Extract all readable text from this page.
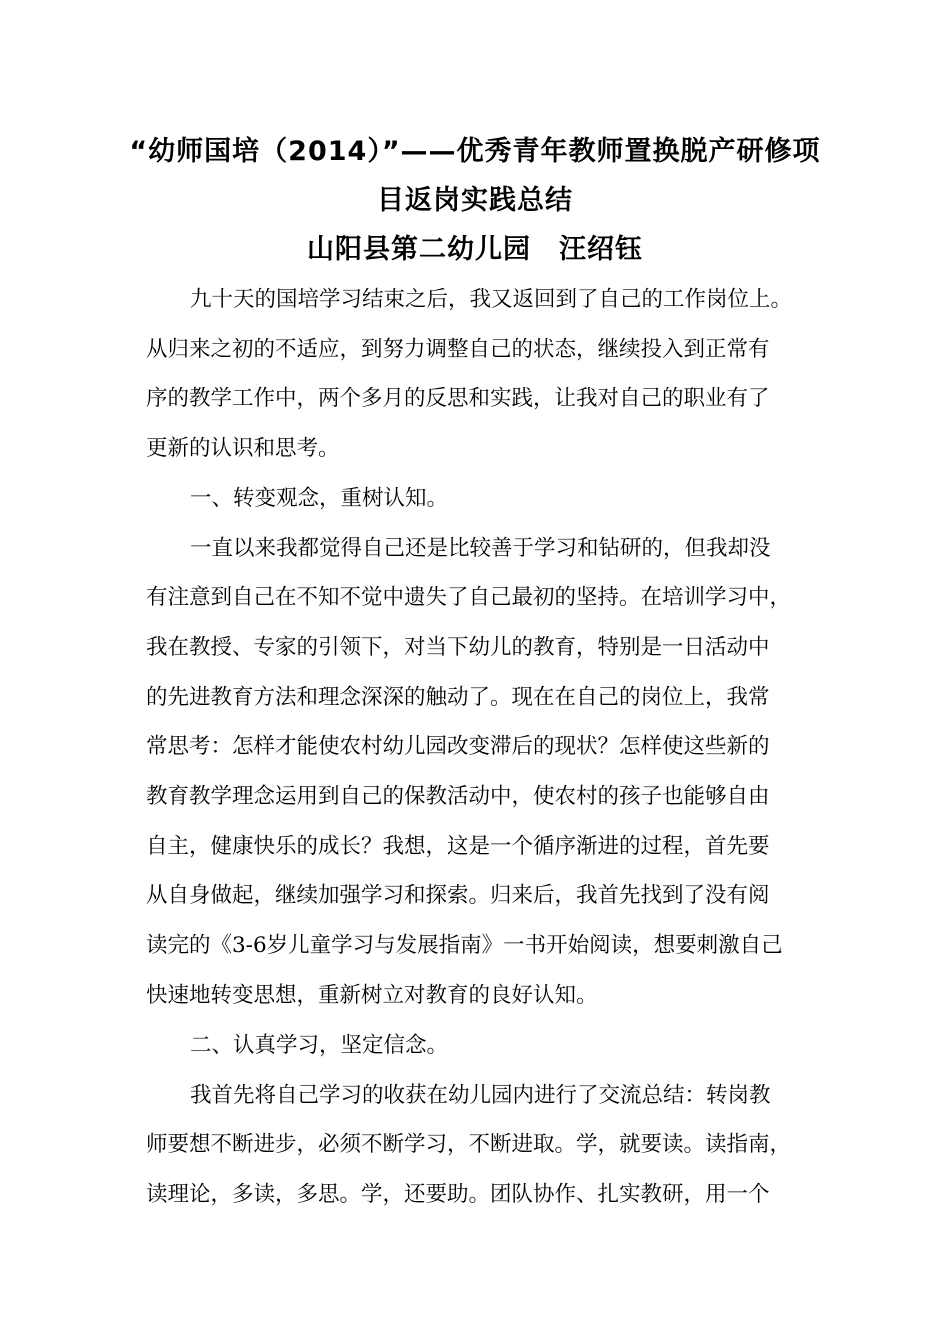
“幼师国培（2014）”——优秀青年教师置换脱产研修项
目返岗实践总结
山阳县第二幼儿园　汪绍钰
九十天的国培学习结束之后，我又返回到了自己的工作岗位上。
从归来之初的不适应，到努力调整自己的状态，继续投入到正常有
序的教学工作中，两个多月的反思和实践，让我对自己的职业有了
更新的认识和思考。
一、转变观念，重树认知。
一直以来我都觉得自己还是比较善于学习和钻研的，但我却没
有注意到自己在不知不觉中遗失了自己最初的坚持。在培训学习中，
我在教授、专家的引领下，对当下幼儿的教育，特别是一日活动中
的先进教育方法和理念深深的触动了。现在在自己的岗位上，我常
常思考：怎样才能使农村幼儿园改变滞后的现状？怎样使这些新的
教育教学理念运用到自己的保教活动中，使农村的孩子也能够自由
自主，健康快乐的成长？我想，这是一个循序渐进的过程，首先要
从自身做起，继续加强学习和探索。归来后，我首先找到了没有阅
读完的《3-6岁儿童学习与发展指南》一书开始阅读，想要刺激自己
快速地转变思想，重新树立对教育的良好认知。
二、认真学习，坚定信念。
我首先将自己学习的收获在幼儿园内进行了交流总结：转岗教
师要想不断进步，必须不断学习，不断进取。学，就要读。读指南，
读理论，多读，多思。学，还要助。团队协作、扎实教研，用一个
